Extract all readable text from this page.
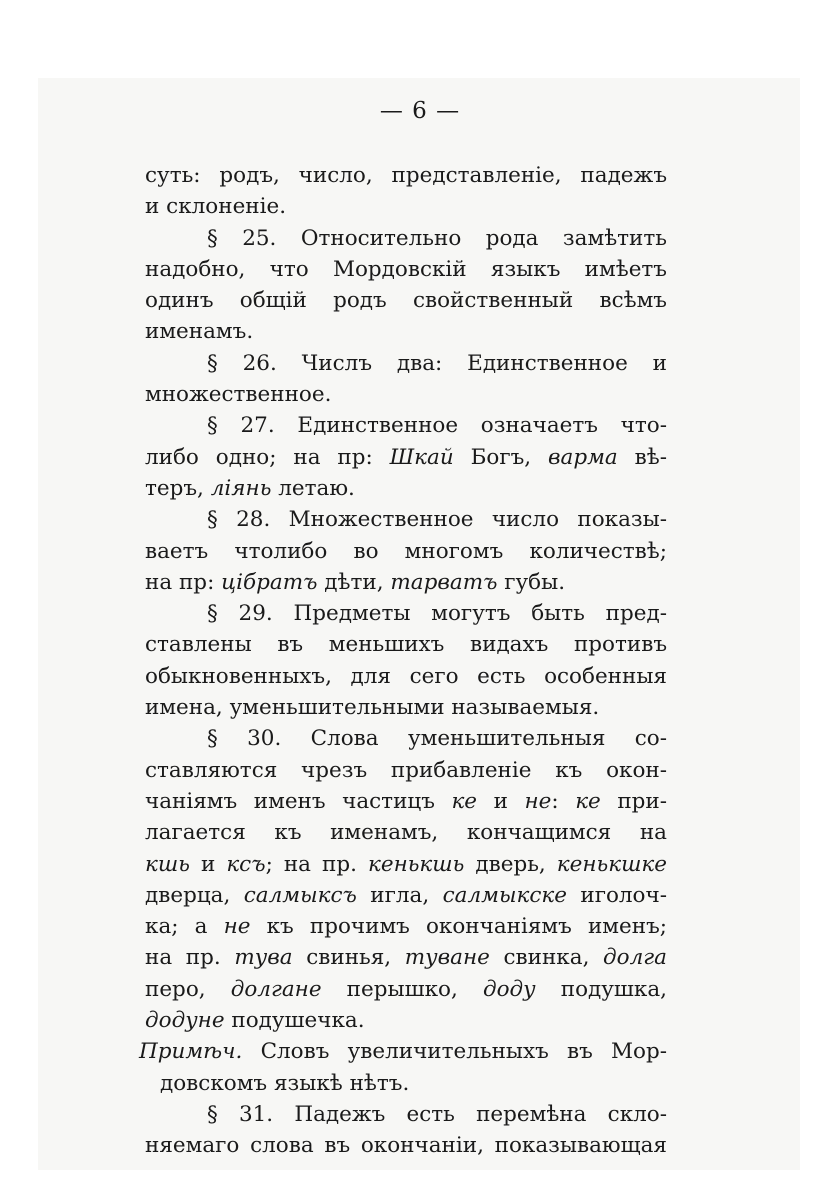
— 6 —
суть: родъ, число, представленіе, падежъ
и склоненіе.
§ 25. Относительно рода замѣтить
надобно, что Мордовскій языкъ имѣетъ
одинъ общій родъ свойственный всѣмъ
именамъ.
§ 26. Числъ два: Единственное и
множественное.
§ 27. Единственное означаетъ что-
либо одно; на пр: Шкай Богъ, варма вѣ-
теръ, ліянь летаю.
§ 28. Множественное число показы-
ваетъ чтолибо во многомъ количествѣ;
на пр: цібратъ дѣти, тарватъ губы.
§ 29. Предметы могутъ быть пред-
ставлены въ меньшихъ видахъ противъ
обыкновенныхъ, для сего есть особенныя
имена, уменьшительными называемыя.
§ 30. Слова уменьшительныя со-
ставляются чрезъ прибавленіе къ окон-
чаніямъ именъ частицъ ке и не: ке при-
лагается къ именамъ, кончащимся на
кшь и ксъ; на пр. кенькшь дверь, кенькшке
дверца, салмыксъ игла, салмыкске иголоч-
ка; а не къ прочимъ окончаніямъ именъ;
на пр. тува свинья, туване свинка, долга
перо, долгане перышко, доду подушка,
додуне подушечка.
Примѣч. Словъ увеличительныхъ въ Мор-
довскомъ языкѣ нѣтъ.
§ 31. Падежъ есть перемѣна скло-
няемаго слова въ окончаніи, показывающая
